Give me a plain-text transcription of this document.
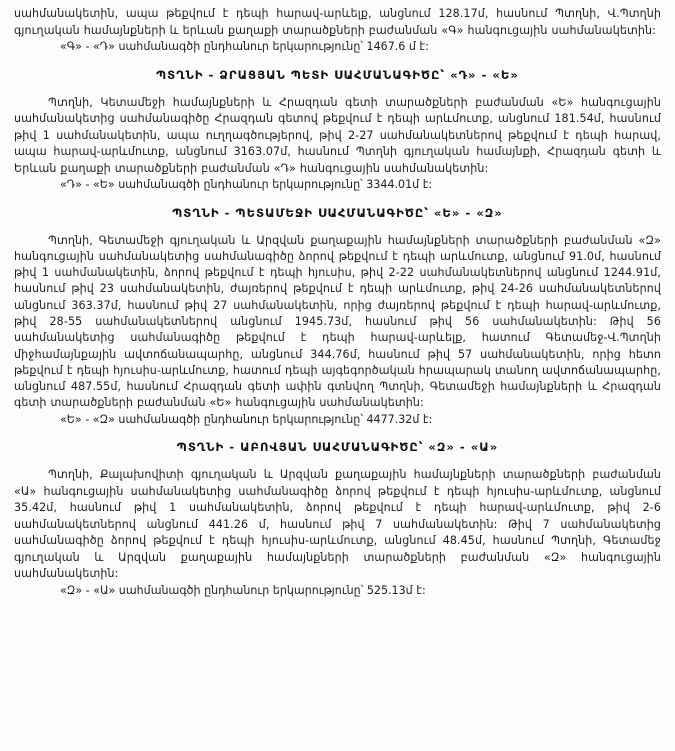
սահմանակետին, ապա թեքվում է դեպի հարավ-արևելք, անցնում 128.17մ, հասնում Պտղնի, Վ.Պտղնի գյուղական համայնքների և երևան քաղաքի տարածքների բաժանման «Գ» հանգուցային սահմանակետին:

«Գ» - «Դ» սահմանագծի ընդհանուր երկարությունը՝ 1467.6 մ է:

ՊՏՂՆԻ - ՁՐԱՑՅԱՆ ՊԵՏԻ ՍԱՀՄԱՆԱԳԻԾԸ՝ «Դ» - «Ե»

Պտղնի, Կետամեջի համայնքների և Հրազդան գետի տարածքների բաժանման «Ե» հանգուցային սահմանակետից սահմանագիծը Հրազդան գետով թեքվում է դեպի արևմուտք, անցնում 181.54մ, հասնում թիվ 1 սահմանակետին, ապա ուղղագծությերով, թիվ 2-27 սահմանակետներով թեքվում է դեպի հարավ, ապա հարավ-արևմուտք, անցնում 3163.07մ, հասնում Պտղնի գյուղական համայնքի, Հրազդան գետի և Երևան քաղաքի տարածքների բաժանման «Դ» հանգուցային սահմանակետին:

«Դ» - «Ե» սահմանագծի ընդհանուր երկարությունը՝ 3344.01մ է:

ՊՏՂՆԻ - ՊԵՏԱՄԵՋԻ ՍԱՀՄԱՆԱԳԻԾԸ՝ «Ե» - «Զ»

Պտղնի, Գետամեջի գյուղական և Արզվան քաղաքային համայնքների տարածքների բաժանման «Զ» հանգուցային սահմանակետից սահմանագիծը ձորով թեքվում է դեպի արևմուտք, անցնում 91.0մ, հասնում թիվ 1 սահմանակետին, ձորով թեքվում է դեպի հյուսիս, թիվ 2-22 սահմանակետներով անցնում 1244.91մ, հասնում թիվ 23 սահմանակետին, ժայռերով թեքվում է դեպի արևմուտք, թիվ 24-26 սահմանակետներով անցնում 363.37մ, հասնում թիվ 27 սահմանակետին, որից ժայռերով թեքվում է դեպի հարավ-արևմուտք, թիվ 28-55 սահմանակետներով անցնում 1945.73մ, հասնում թիվ 56 սահմանակետին: Թիվ 56 սահմանակետից սահմանագիծը թեքվում է դեպի հարավ-արևելք, հատում Գետամեջ-Վ.Պտղնի միջհամայնքային ավտոճանապարհը, անցնում 344.76մ, հասնում թիվ 57 սահմանակետին, որից հետո թեքվում է դեպի հյուսիս-արևմուտք, հատում դեպի այգեգործական հրապարակ տանող ավտոճանապարհը, անցնում 487.55մ, հասնում Հրազդան գետի ափին գտնվող Պտղնի, Գետամեջի համայնքների և Հրազդան գետի տարածքների բաժանման «Ե» հանգուցային սահմանակետին:

«Ե» - «Զ» սահմանագծի ընդհանուր երկարությունը՝ 4477.32մ է:

ՊՏՂՆԻ - ԱԲՈՎՅԱՆ ՍԱՀՄԱՆԱԳԻԾԸ՝ «Զ» - «Ա»

Պտղնի, Քալախովիտի գյուղական և Արզվան քաղաքային համայնքների տարածքների բաժանման «Ա» հանգուցային սահմանակետից սահմանագիծը ձորով թեքվում է դեպի հյուսիս-արևմուտք, անցնում 35.42մ, հասնում թիվ 1 սահմանակետին, ձորով թեքվում է դեպի հարավ-արևմուտք, թիվ 2-6 սահմանակետներով անցնում 441.26 մ, հասնում թիվ 7 սահմանակետին: Թիվ 7 սահմանակետից սահմանագիծը ձորով թեքվում է դեպի հյուսիս-արևմուտք, անցնում 48.45մ, հասնում Պտղնի, Գետամեջ գյուղական և Արզվան քաղաքային համայնքների տարածքների բաժանման «Զ» հանգուցային սահմանակետին:

«Զ» - «Ա» սահմանագծի ընդհանուր երկարությունը՝ 525.13մ է:
